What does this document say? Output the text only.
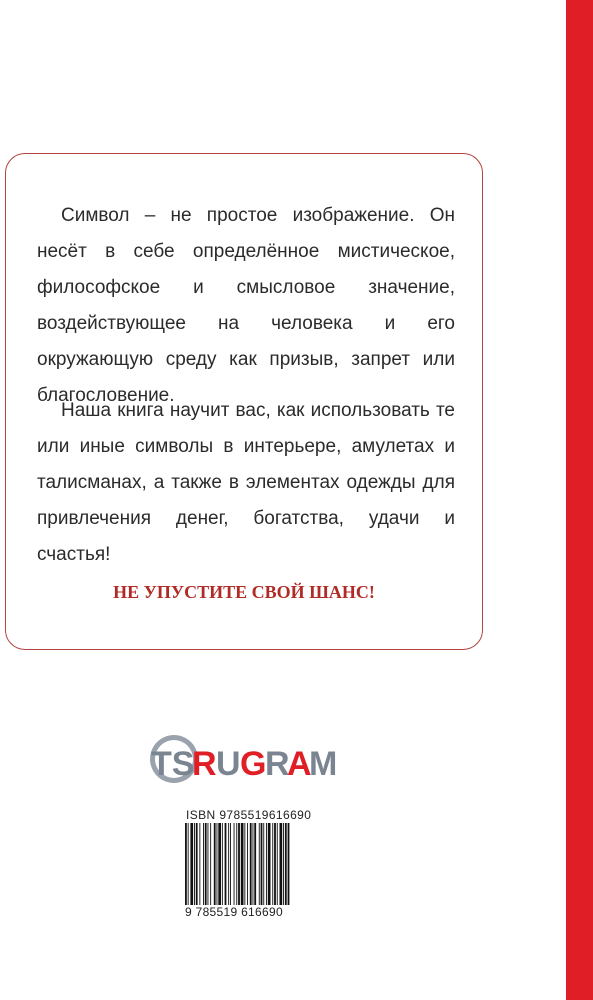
Символ – не простое изображение. Он несёт в себе определённое мистическое, философское и смысловое значение, воздействующее на человека и его окружающую среду как призыв, запрет или благословение.

Наша книга научит вас, как использовать те или иные символы в интерьере, амулетах и талисманах, а также в элементах одежды для привлечения денег, богатства, удачи и счастья!

НЕ УПУСТИТЕ СВОЙ ШАНС!

TS
R U G
R
A
M
ISBN 9785519616690
9 785519 616690
